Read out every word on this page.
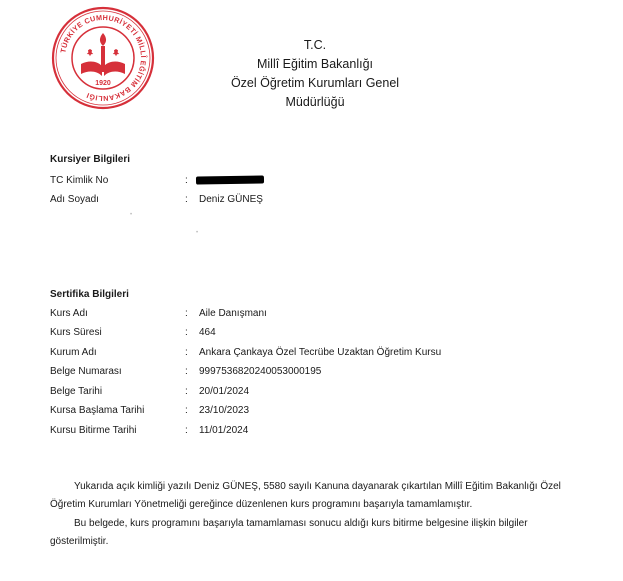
TÜRKİYE CUMHURİYETİ MİLLÎ EĞİTİM BAKANLIĞI
1920
T.C.
Millî Eğitim Bakanlığı
Özel Öğretim Kurumları Genel Müdürlüğü
Kursiyer Bilgileri
TC Kimlik No	:
Adı Soyadı	: Deniz GÜNEŞ
•
•
Sertifika Bilgileri
Kurs Adı	: Aile Danışmanı
Kurs Süresi	: 464
Kurum Adı	: Ankara Çankaya Özel Tecrübe Uzaktan Öğretim Kursu
Belge Numarası	: 9997536820240053000195
Belge Tarihi	: 20/01/2024
Kursa Başlama Tarihi	: 23/10/2023
Kursu Bitirme Tarihi	: 11/01/2024
Yukarıda açık kimliği yazılı Deniz GÜNEŞ, 5580 sayılı Kanuna dayanarak çıkartılan Millî Eğitim Bakanlığı Özel
Öğretim Kurumları Yönetmeliği gereğince düzenlenen kurs programını başarıyla tamamlamıştır.
Bu belgede, kurs programını başarıyla tamamlaması sonucu aldığı kurs bitirme belgesine ilişkin bilgiler
gösterilmiştir.
